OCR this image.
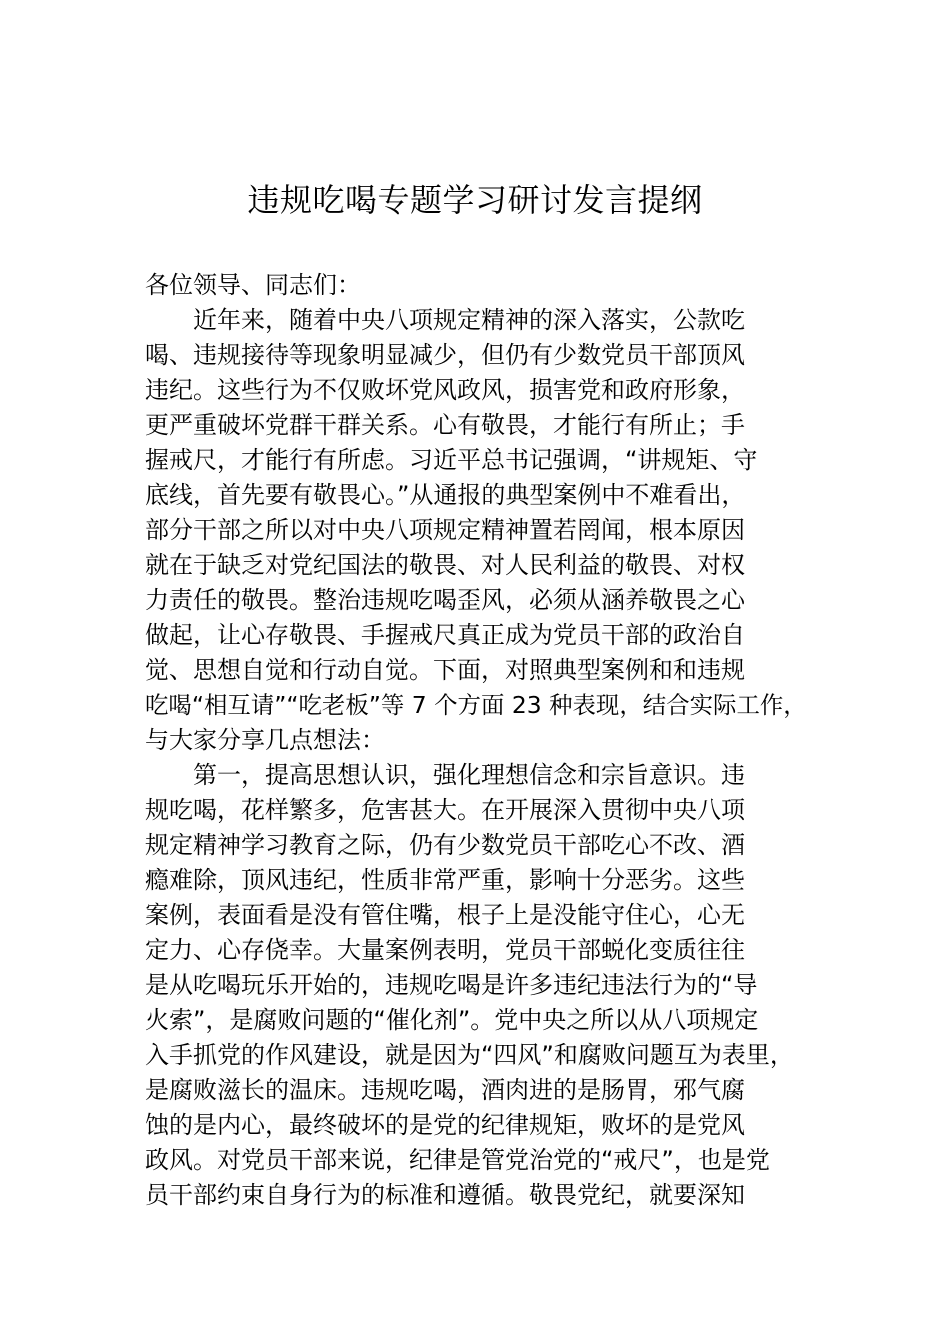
违规吃喝专题学习研讨发言提纲
各位领导、同志们：
近年来，随着中央八项规定精神的深入落实，公款吃
喝、违规接待等现象明显减少，但仍有少数党员干部顶风
违纪。这些行为不仅败坏党风政风，损害党和政府形象，
更严重破坏党群干群关系。心有敬畏，才能行有所止；手
握戒尺，才能行有所虑。习近平总书记强调，“讲规矩、守
底线，首先要有敬畏心。”从通报的典型案例中不难看出，
部分干部之所以对中央八项规定精神置若罔闻，根本原因
就在于缺乏对党纪国法的敬畏、对人民利益的敬畏、对权
力责任的敬畏。整治违规吃喝歪风，必须从涵养敬畏之心
做起，让心存敬畏、手握戒尺真正成为党员干部的政治自
觉、思想自觉和行动自觉。下面，对照典型案例和和违规
吃喝“相互请”“吃老板”等 7 个方面 23 种表现，结合实际工作，
与大家分享几点想法：
第一，提高思想认识，强化理想信念和宗旨意识。违
规吃喝，花样繁多，危害甚大。在开展深入贯彻中央八项
规定精神学习教育之际，仍有少数党员干部吃心不改、酒
瘾难除，顶风违纪，性质非常严重，影响十分恶劣。这些
案例，表面看是没有管住嘴，根子上是没能守住心，心无
定力、心存侥幸。大量案例表明，党员干部蜕化变质往往
是从吃喝玩乐开始的，违规吃喝是许多违纪违法行为的“导
火索”，是腐败问题的“催化剂”。党中央之所以从八项规定
入手抓党的作风建设，就是因为“四风”和腐败问题互为表里，
是腐败滋长的温床。违规吃喝，酒肉进的是肠胃，邪气腐
蚀的是内心，最终破坏的是党的纪律规矩，败坏的是党风
政风。对党员干部来说，纪律是管党治党的“戒尺”，也是党
员干部约束自身行为的标准和遵循。敬畏党纪，就要深知
